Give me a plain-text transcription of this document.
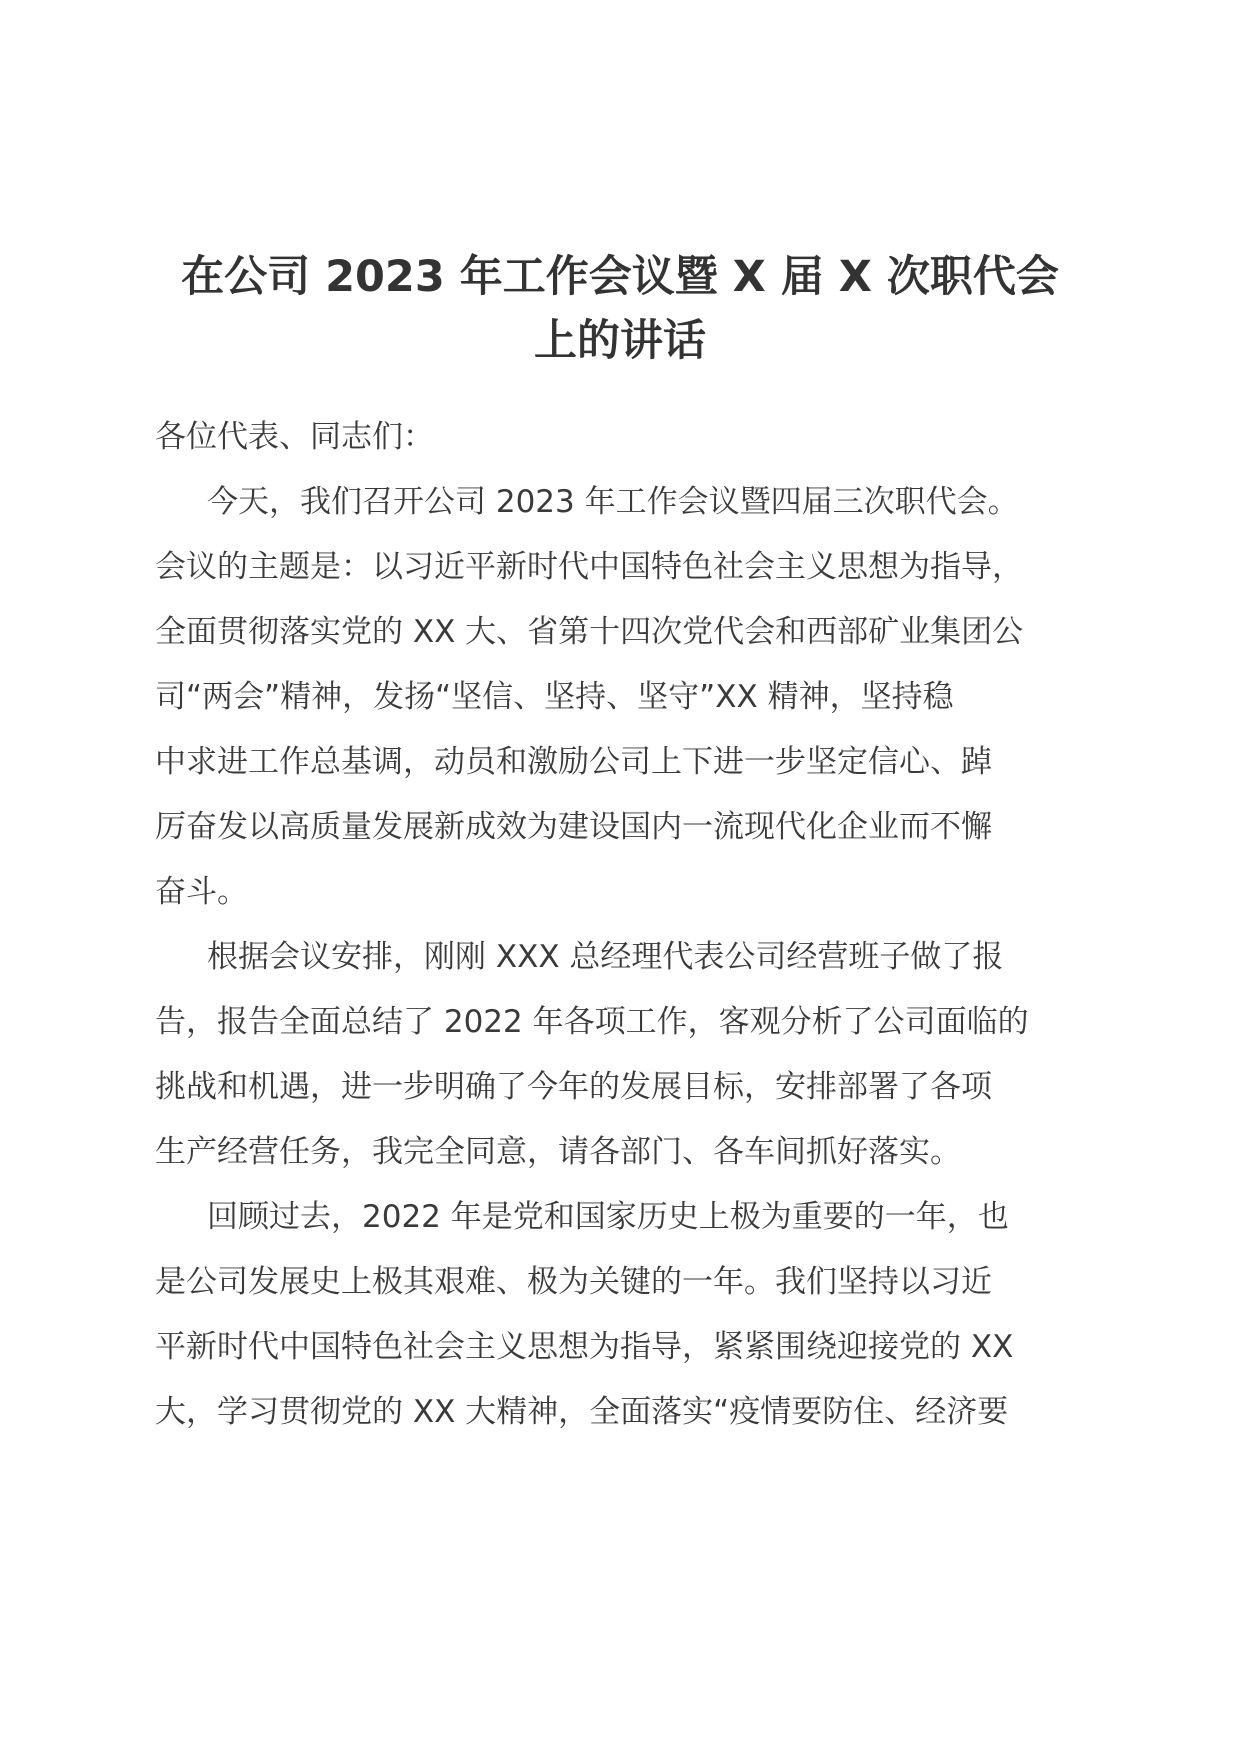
在公司 2023 年工作会议暨 X 届 X 次职代会
上的讲话

各位代表、同志们：

今天，我们召开公司 2023 年工作会议暨四届三次职代会。
会议的主题是：以习近平新时代中国特色社会主义思想为指导，
全面贯彻落实党的 XX 大、省第十四次党代会和西部矿业集团公
司“两会”精神，发扬“坚信、坚持、坚守”XX 精神，坚持稳
中求进工作总基调，动员和激励公司上下进一步坚定信心、踔
厉奋发以高质量发展新成效为建设国内一流现代化企业而不懈
奋斗。

根据会议安排，刚刚 XXX 总经理代表公司经营班子做了报
告，报告全面总结了 2022 年各项工作，客观分析了公司面临的
挑战和机遇，进一步明确了今年的发展目标，安排部署了各项
生产经营任务，我完全同意，请各部门、各车间抓好落实。

回顾过去，2022 年是党和国家历史上极为重要的一年，也
是公司发展史上极其艰难、极为关键的一年。我们坚持以习近
平新时代中国特色社会主义思想为指导，紧紧围绕迎接党的 XX
大，学习贯彻党的 XX 大精神，全面落实“疫情要防住、经济要
